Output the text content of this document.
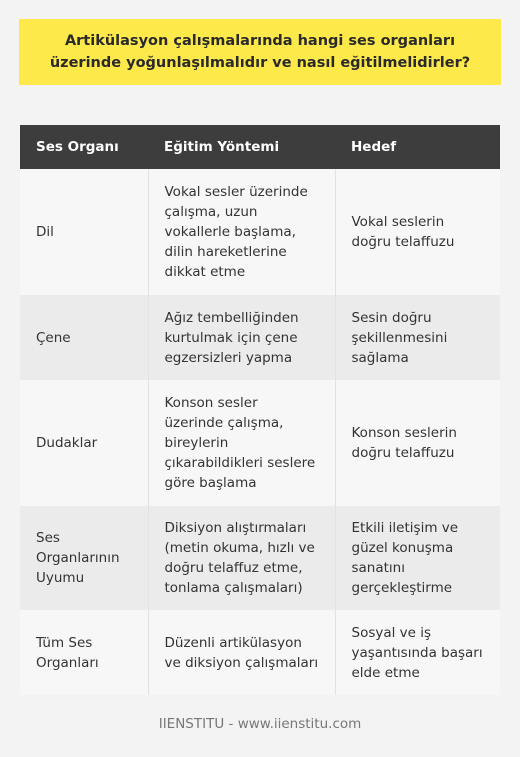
Artikülasyon çalışmalarında hangi ses organları üzerinde yoğunlaşılmalıdır ve nasıl eğitilmelidirler?
Ses Organı	Eğitim Yöntemi	Hedef
Dil	Vokal sesler üzerinde çalışma, uzun vokallerle başlama, dilin hareketlerine dikkat etme	Vokal seslerin doğru telaffuzu
Çene	Ağız tembelliğinden kurtulmak için çene egzersizleri yapma	Sesin doğru şekillenmesini sağlama
Dudaklar	Konson sesler üzerinde çalışma, bireylerin çıkarabildikleri seslere göre başlama	Konson seslerin doğru telaffuzu
Ses Organlarının Uyumu	Diksiyon alıştırmaları (metin okuma, hızlı ve doğru telaffuz etme, tonlama çalışmaları)	Etkili iletişim ve güzel konuşma sanatını gerçekleştirme
Tüm Ses Organları	Düzenli artikülasyon ve diksiyon çalışmaları	Sosyal ve iş yaşantısında başarı elde etme
IIENSTITU - www.iienstitu.com
